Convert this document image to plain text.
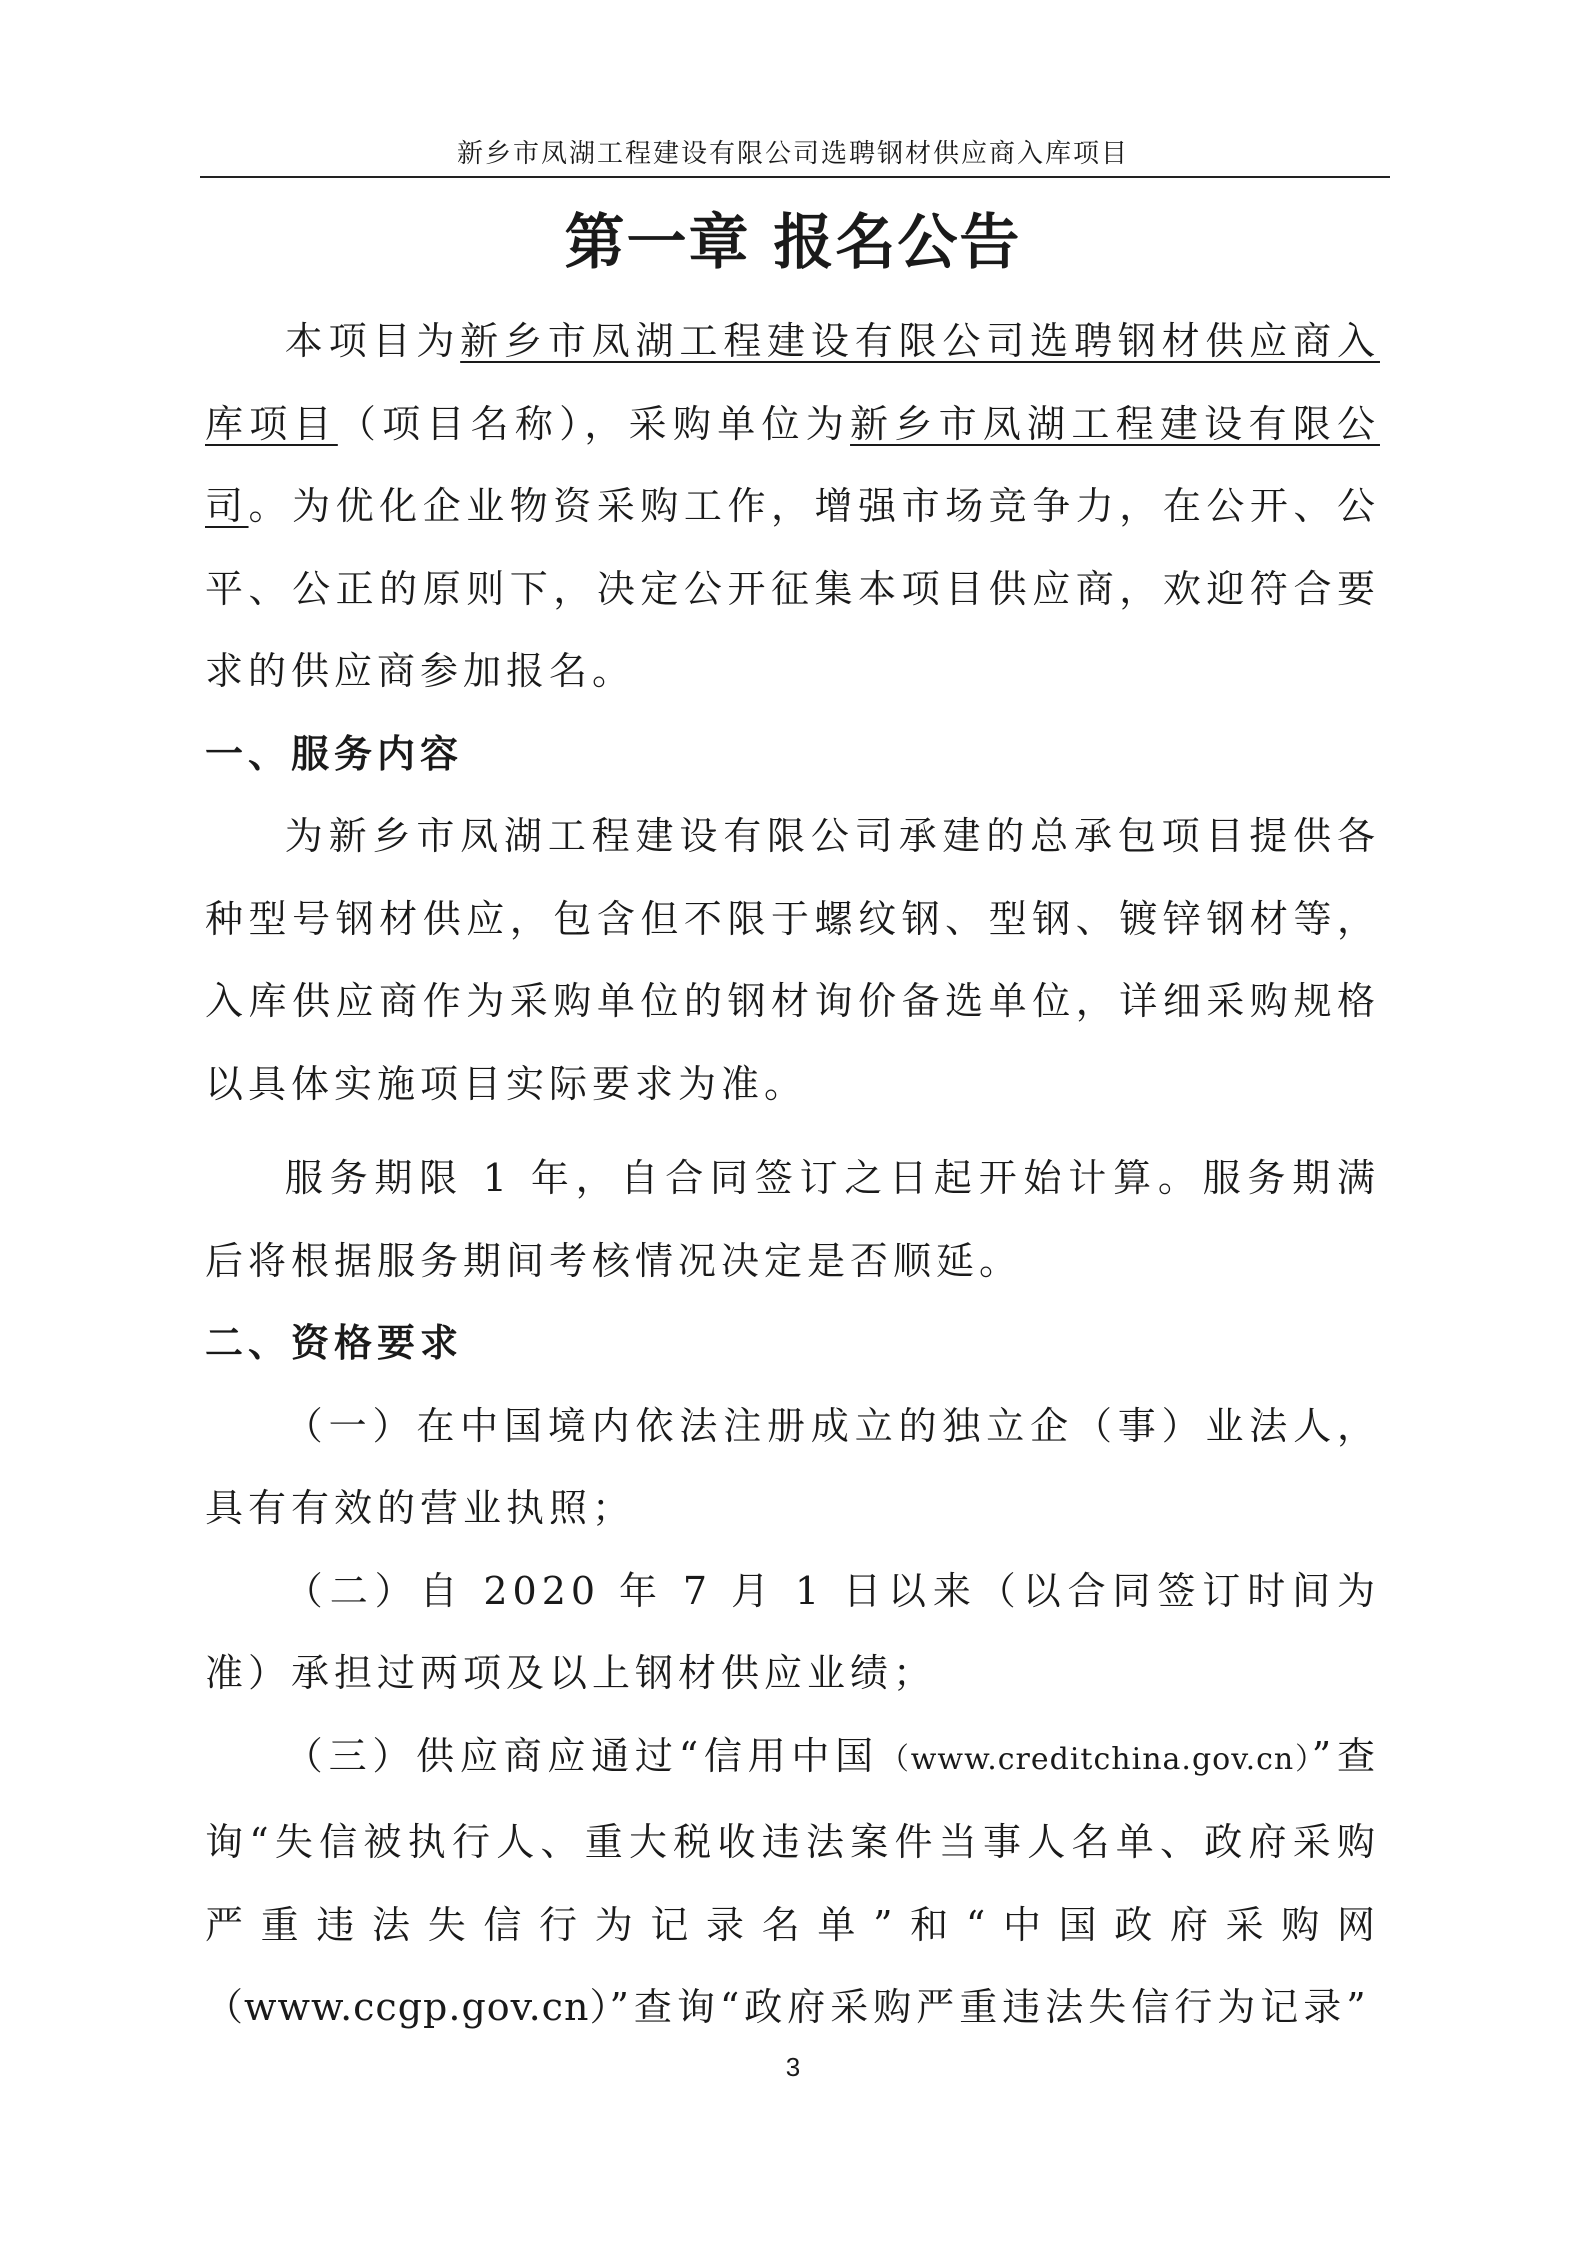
新乡市凤湖工程建设有限公司选聘钢材供应商入库项目
第一章 报名公告

本项目为新乡市凤湖工程建设有限公司选聘钢材供应商入库项目（项目名称），采购单位为新乡市凤湖工程建设有限公司。为优化企业物资采购工作，增强市场竞争力，在公开、公平、公正的原则下，决定公开征集本项目供应商，欢迎符合要求的供应商参加报名。

一、服务内容

为新乡市凤湖工程建设有限公司承建的总承包项目提供各种型号钢材供应，包含但不限于螺纹钢、型钢、镀锌钢材等，入库供应商作为采购单位的钢材询价备选单位，详细采购规格以具体实施项目实际要求为准。

服务期限 1 年，自合同签订之日起开始计算。服务期满后将根据服务期间考核情况决定是否顺延。

二、资格要求

（一）在中国境内依法注册成立的独立企（事）业法人，具有有效的营业执照；

（二）自 2020 年 7 月 1 日以来（以合同签订时间为准）承担过两项及以上钢材供应业绩；

（三）供应商应通过“信用中国（www.creditchina.gov.cn）”查询“失信被执行人、重大税收违法案件当事人名单、政府采购严重违法失信行为记录名单”和“中国政府采购网（www.ccgp.gov.cn）”查询“政府采购严重违法失信行为记录”

3
